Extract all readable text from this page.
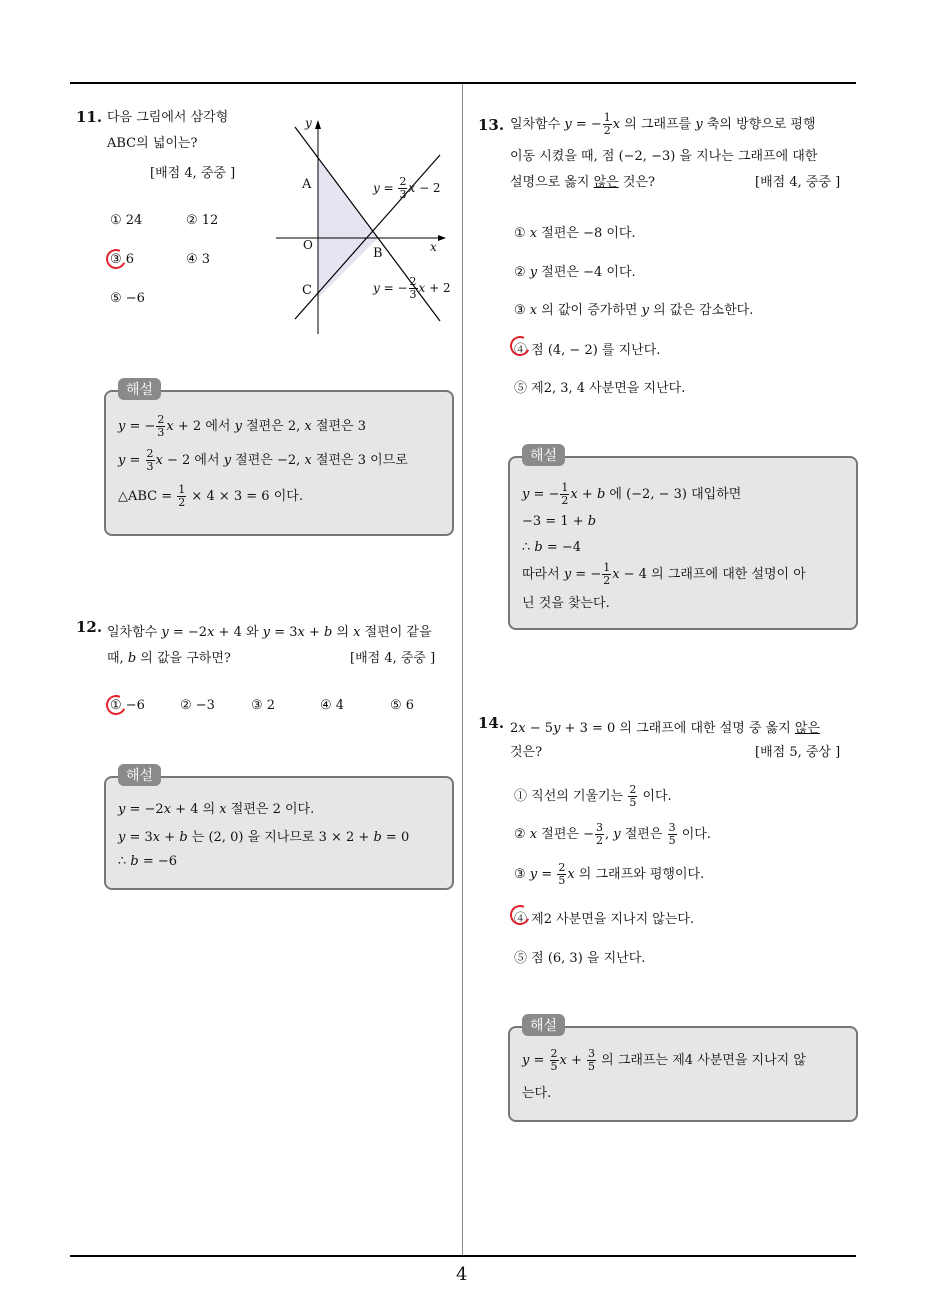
4
11. 다음 그림에서 삼각형
ABC의 넓이는?
[배점 4, 중중 ]
① 24	② 12
③ 6	④ 3
⑤ −6
y
x
O
A
B
C
$y = \frac{2}{3}$ x − 2
y = − $\frac{2}{3}$ x + 2
해설
y = − $\frac{2}{3}$ x + 2 에서 y 절편은 2, x 절편은 3
$y = \frac{2}{3}$ x − 2 에서 y 절편은 −2, x 절편은 3 이므로
△ABC = $\frac{1}{2} \times 4 \times 3 = 6$ 이다.
12. 일차함수 y = −2x + 4 와 y = 3x + b 의 x 절편이 같을
때, b 의 값을 구하면?	[배점 4, 중중 ]
① −6	② −3	③ 2	④ 4	⑤ 6
해설
y = −2x + 4 의 x 절편은 2 이다.
y = 3x + b 는 (2, 0) 을 지나므로 3 × 2 + b = 0
∴ b = −6
13. 일차함수 y = − $\frac{1}{2}$ x 의 그래프를 y 축의 방향으로 평행
이동 시켰을 때, 점 (−2, −3) 을 지나는 그래프에 대한
설명으로 옳지 않은 것은?	[배점 4, 중중 ]
① x 절편은 −8 이다.
② y 절편은 −4 이다.
③ x 의 값이 증가하면 y 의 값은 감소한다.
④ 점 (4, − 2) 를 지난다.
⑤ 제2, 3, 4 사분면을 지난다.
해설
y = − $\frac{1}{2}$ x + b 에 (−2, − 3) 대입하면
−3 = 1 + b
∴ b = −4
따라서 y = − $\frac{1}{2}$ x − 4 의 그래프에 대한 설명이 아
닌 것을 찾는다.
14. 2x − 5y + 3 = 0 의 그래프에 대한 설명 중 옳지 않은
것은?	[배점 5, 중상 ]
① 직선의 기울기는 $\frac{2}{5}$ 이다.
② x 절편은 − $\frac{3}{2}$ , y 절편은 $\frac{3}{5}$ 이다.
③ $y = \frac{2}{5}$ x 의 그래프와 평행이다.
④ 제2 사분면을 지나지 않는다.
⑤ 점 (6, 3) 을 지난다.
해설
$y = \frac{2}{5}$ $x + \frac{3}{5}$ 의 그래프는 제4 사분면을 지나지 않
는다.
